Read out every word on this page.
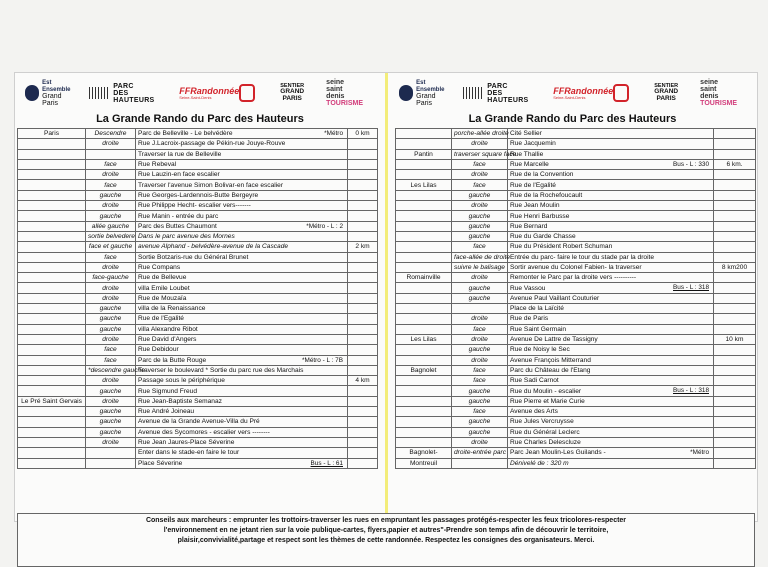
Est
Ensemble
Grand Paris
PARC
DES HAUTEURS
FFRandonnée
Seine-Saint-Denis
SENTIER
GRAND PARIS
seine
saint
denis
TOURISME
Est
Ensemble
Grand Paris
PARC
DES HAUTEURS
FFRandonnée
Seine-Saint-Denis
SENTIER
GRAND PARIS
seine
saint
denis
TOURISME
La Grande Rando du Parc des Hauteurs	La Grande Rando du Parc des Hauteurs
Paris	Descendre	Parc de Belleville - Le belvédère *Métro	0 km
	droite	Rue J.Lacroix-passage de Pékin-rue Jouye-Rouve	
		Traverser la rue de Belleville	
	face	Rue Rebeval	
	droite	Rue Lauzin-en face escalier	
	face	Traverser l'avenue Simon Bolivar-en face escalier	
	gauche	Rue Georges-Lardennois-Butte Bergeyre	
	droite	Rue Philippe Hecht- escalier vers-------	
	gauche	Rue Manin - entrée du parc	
	allée gauche	Parc des Buttes Chaumont *Métro - L : 2	

	sortie belvedere	Dans le parc avenue des Mornes	
	face et gauche	avenue Alphand - belvédère-avenue de la Cascade	2 km
	face	Sortie Botzaris-rue du Général Brunet	
	droite	Rue Compans	
	face-gauche	Rue de Bellevue	
	droite	villa Emile Loubet	
	droite	Rue de Mouzaïa	
	gauche	villa de la Renaissance	
	gauche	Rue de l'Egalité	
	gauche	villa Alexandre Ribot	
	droite	Rue David d'Angers	
	face	Rue Debidour	
	face	Parc de la Butte Rouge *Métro - L : 7B	

	*descendre gauche	Traverser le boulevard * Sortie du parc rue des Marchais	
	droite	Passage sous le périphérique	4 km
	gauche	Rue Sigmund Freud	
Le Pré Saint Gervais	droite	Rue Jean-Baptiste Semanaz	
	gauche	Rue André Joineau	
	gauche	Avenue de la Grande Avenue-Villa du Pré	
	gauche	Avenue des Sycomores - escalier vers --------	
	droite	Rue Jean Jaures-Place Séverine	
		Enter dans le stade-en faire le tour	
		Place Séverine Bus - L : 61	

	porche-allée droite	Cité Sellier	
	droite	Rue Jacquemin	
Pantin	traverser square face	Rue Thallie	
	face	Rue Marcelle Bus - L : 330	6 km.
	droite	Rue de la Convention	
Les Lilas	face	Rue de l'Egalité	
	gauche	Rue de la Rochefoucault	
	droite	Rue Jean Moulin	
	gauche	Rue Henri Barbusse	
	gauche	Rue Bernard	
	gauche	Rue du Garde Chasse	
	face	Rue du Président Robert Schuman	
	face-allée de droite	Entrée du parc- faire le tour du stade par la droite	
	suivre le balisage	Sortir avenue du Colonel Fabien- la traverser	8 km200
Romainville	droite	Remonter le Parc par la droite vers ----------	
	gauche	Rue Vassou Bus - L : 318	

	gauche	Avenue Paul Vaillant Couturier	
		Place de la Laïcité	
	droite	Rue de Paris	
	face	Rue Saint Germain	
Les Lilas	droite	Avenue De Lattre de Tassigny	10 km
	gauche	Rue de Noisy le Sec	
	droite	Avenue François Mitterrand	
Bagnolet	face	Parc du Château de l'Etang	
	face	Rue Sadi Carnot	
	gauche	Rue du Moulin - escalier Bus - L : 318	

	gauche	Rue Pierre et Marie Curie	
	face	Avenue des Arts	
	gauche	Rue Jules Vercruysse	
	gauche	Rue du Général Leclerc	
	droite	Rue Charles Delescluze	
Bagnolet-	droite-entrée parc	Parc Jean Moulin-Les Guilands - *Métro	

Montreuil		Dénivelé de : 320 m	
Conseils aux marcheurs : emprunter les trottoirs-traverser les rues en empruntant les passages protégés-respecter les feux tricolores-respecter
l'environnement en ne jetant rien sur la voie publique-cartes, flyers,papier et autres"-Prendre son temps afin de découvrir le territoire,
plaisir,convivialité,partage et respect sont les thèmes de cette randonnée. Respectez les consignes des organisateurs. Merci.
